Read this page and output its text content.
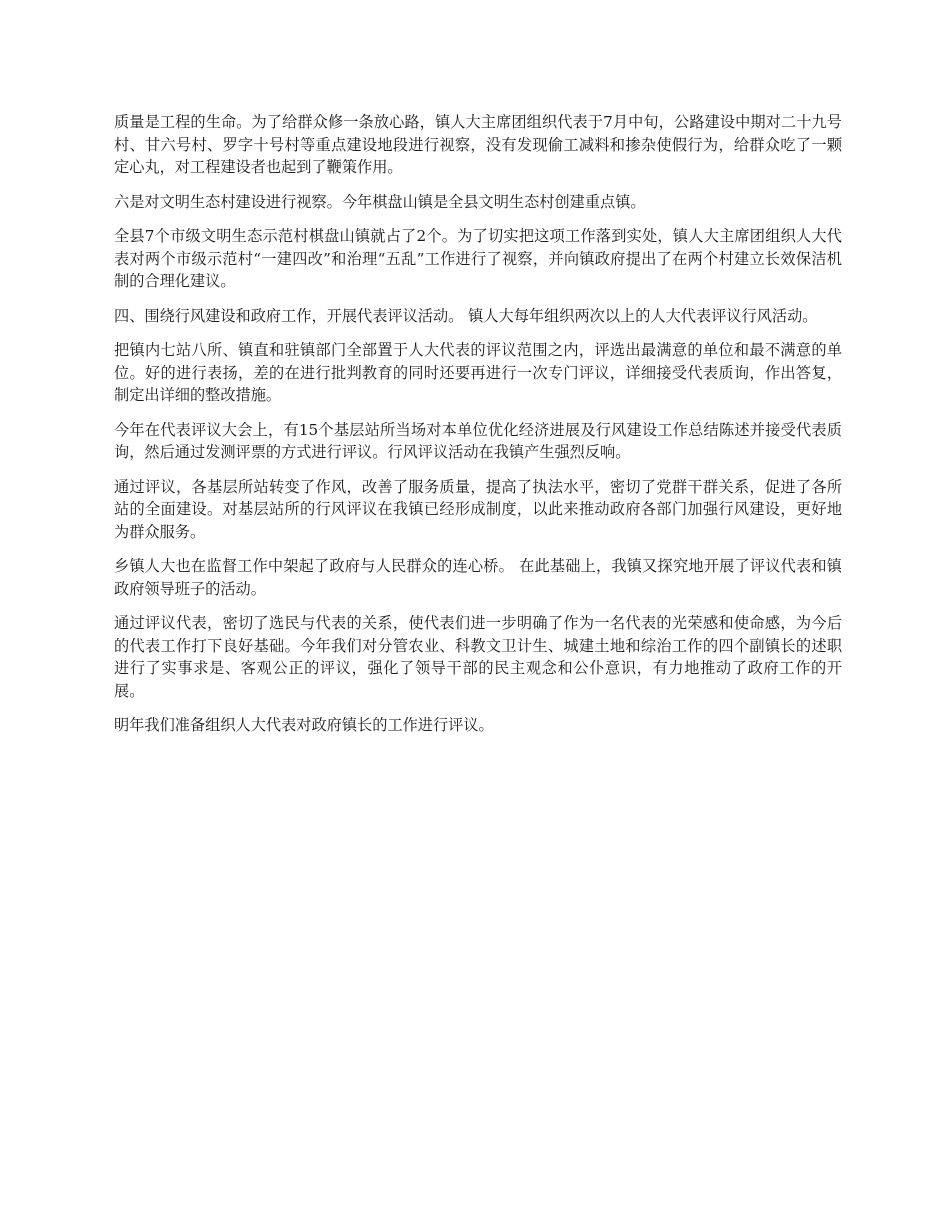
质量是工程的生命。为了给群众修一条放心路，镇人大主席团组织代表于7月中旬，公路建设中期对二十九号村、甘六号村、罗字十号村等重点建设地段进行视察，没有发现偷工减料和掺杂使假行为，给群众吃了一颗定心丸，对工程建设者也起到了鞭策作用。

六是对文明生态村建设进行视察。今年棋盘山镇是全县文明生态村创建重点镇。

全县7个市级文明生态示范村棋盘山镇就占了2个。为了切实把这项工作落到实处，镇人大主席团组织人大代表对两个市级示范村“一建四改”和治理“五乱”工作进行了视察，并向镇政府提出了在两个村建立长效保洁机制的合理化建议。

四、围绕行风建设和政府工作，开展代表评议活动。 镇人大每年组织两次以上的人大代表评议行风活动。

把镇内七站八所、镇直和驻镇部门全部置于人大代表的评议范围之内，评选出最满意的单位和最不满意的单位。好的进行表扬，差的在进行批判教育的同时还要再进行一次专门评议，详细接受代表质询，作出答复，制定出详细的整改措施。

今年在代表评议大会上，有15个基层站所当场对本单位优化经济进展及行风建设工作总结陈述并接受代表质询，然后通过发测评票的方式进行评议。行风评议活动在我镇产生强烈反响。

通过评议，各基层所站转变了作风，改善了服务质量，提高了执法水平，密切了党群干群关系，促进了各所站的全面建设。对基层站所的行风评议在我镇已经形成制度，以此来推动政府各部门加强行风建设，更好地为群众服务。

乡镇人大也在监督工作中架起了政府与人民群众的连心桥。 在此基础上，我镇又探究地开展了评议代表和镇政府领导班子的活动。

通过评议代表，密切了选民与代表的关系，使代表们进一步明确了作为一名代表的光荣感和使命感，为今后的代表工作打下良好基础。今年我们对分管农业、科教文卫计生、城建土地和综治工作的四个副镇长的述职进行了实事求是、客观公正的评议，强化了领导干部的民主观念和公仆意识，有力地推动了政府工作的开展。

明年我们准备组织人大代表对政府镇长的工作进行评议。
